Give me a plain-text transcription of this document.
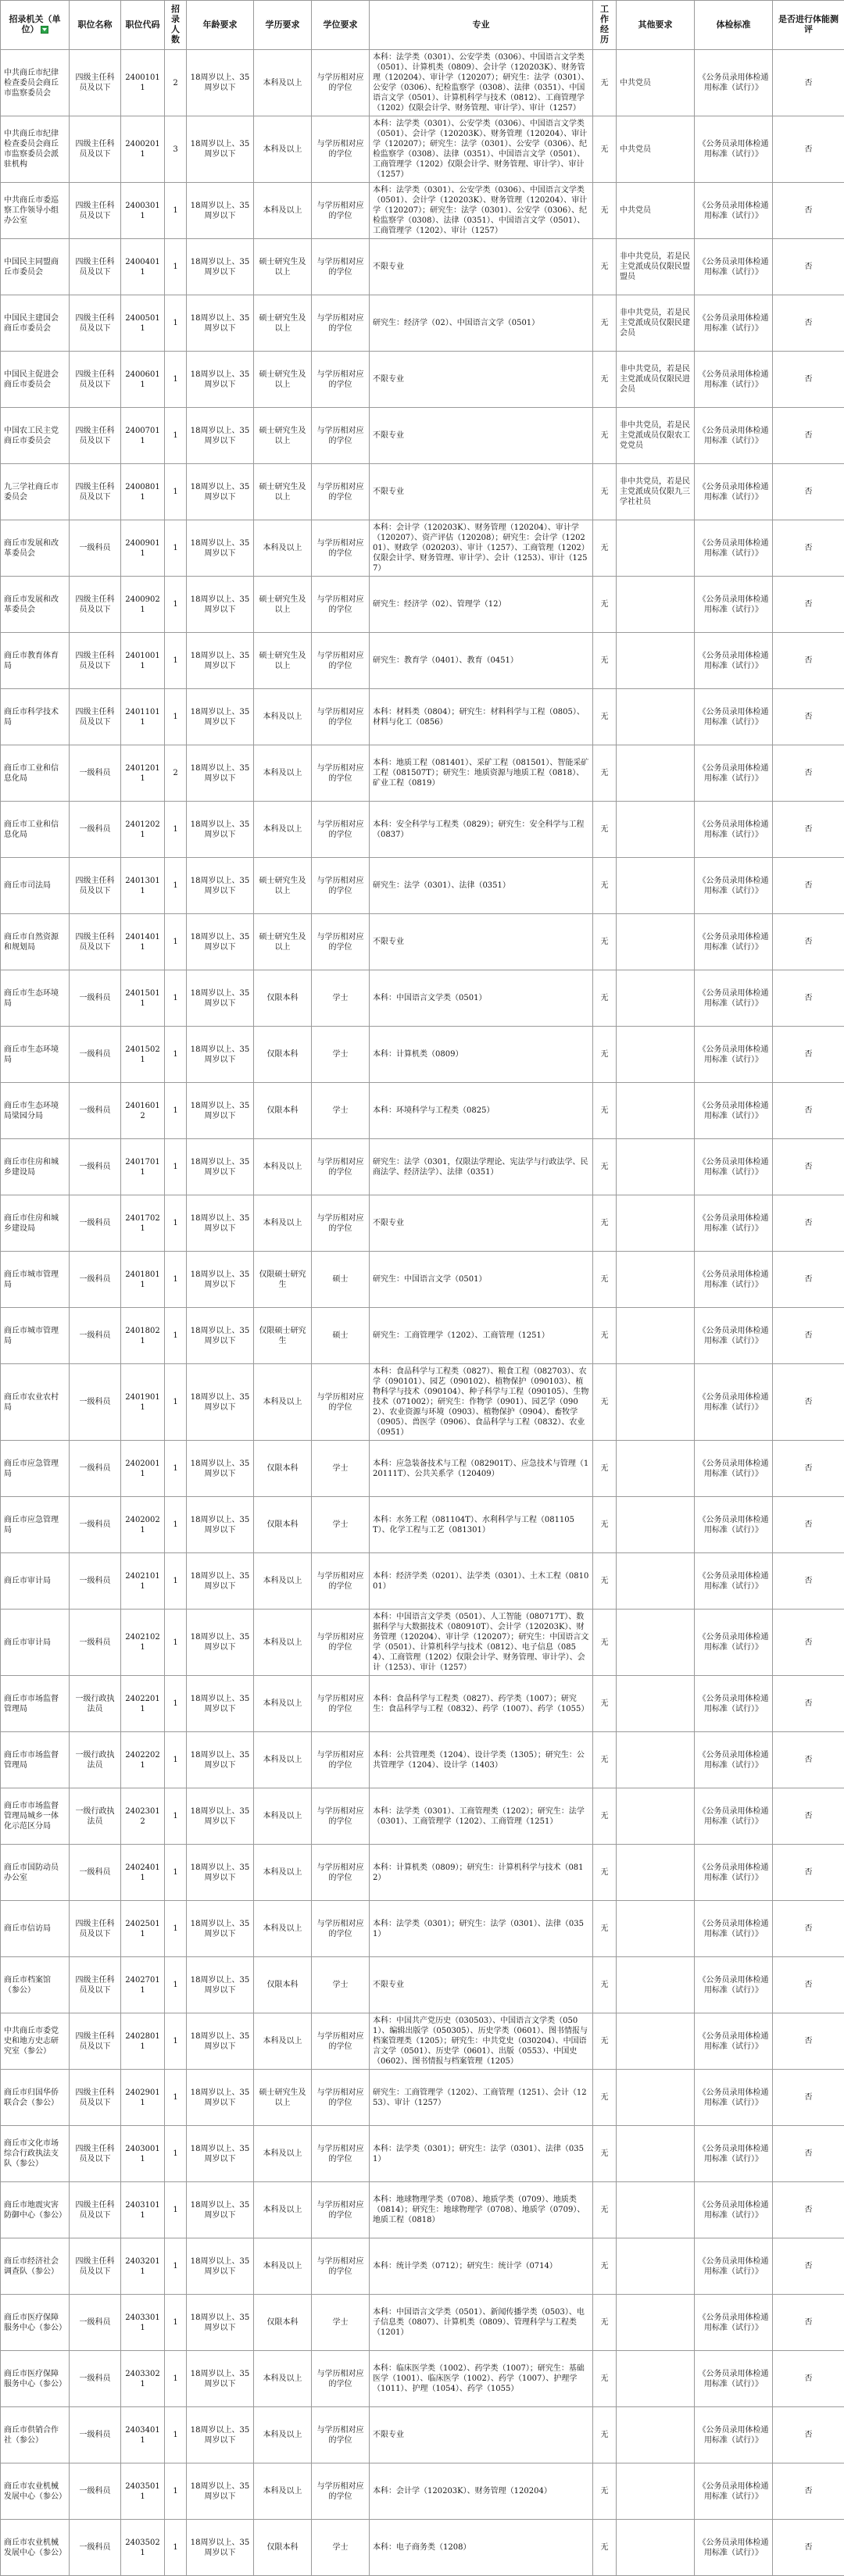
招录机关（单位）	职位名称	职位代码	招录人数	年龄要求	学历要求	学位要求	专业	工作经历	其他要求	体检标准	是否进行体能测评
中共商丘市纪律检查委员会商丘市监察委员会	四级主任科员及以下	24001011	2	18周岁以上、35周岁以下	本科及以上	与学历相对应的学位	本科：法学类（0301）、公安学类（0306）、中国语言文学类（0501）、计算机类（0809）、会计学（120203K）、财务管理（120204）、审计学（120207）；研究生：法学（0301）、公安学（0306）、纪检监察学（0308）、法律（0351）、中国语言文学（0501）、计算机科学与技术（0812）、工商管理学（1202）仅限会计学、财务管理、审计学）、审计（1257）	无	中共党员	《公务员录用体检通用标准（试行）》	否
中共商丘市纪律检查委员会商丘市监察委员会派驻机构	四级主任科员及以下	24002011	3	18周岁以上、35周岁以下	本科及以上	与学历相对应的学位	本科：法学类（0301）、公安学类（0306）、中国语言文学类（0501）、会计学（120203K）、财务管理（120204）、审计学（120207）；研究生：法学（0301）、公安学（0306）、纪检监察学（0308）、法律（0351）、中国语言文学（0501）、工商管理学（1202）仅限会计学、财务管理、审计学）、审计（1257）	无	中共党员	《公务员录用体检通用标准（试行）》	否
中共商丘市委巡察工作领导小组办公室	四级主任科员及以下	24003011	1	18周岁以上、35周岁以下	本科及以上	与学历相对应的学位	本科：法学类（0301）、公安学类（0306）、中国语言文学类（0501）、会计学（120203K）、财务管理（120204）、审计学（120207）；研究生：法学（0301）、公安学（0306）、纪检监察学（0308）、法律（0351）、中国语言文学（0501）、工商管理学（1202）、审计（1257）	无	中共党员	《公务员录用体检通用标准（试行）》	否
中国民主同盟商丘市委员会	四级主任科员及以下	24004011	1	18周岁以上、35周岁以下	硕士研究生及以上	与学历相对应的学位	不限专业	无	非中共党员，若是民主党派成员仅限民盟盟员	《公务员录用体检通用标准（试行）》	否
中国民主建国会商丘市委员会	四级主任科员及以下	24005011	1	18周岁以上、35周岁以下	硕士研究生及以上	与学历相对应的学位	研究生：经济学（02）、中国语言文学（0501）	无	非中共党员，若是民主党派成员仅限民建会员	《公务员录用体检通用标准（试行）》	否
中国民主促进会商丘市委员会	四级主任科员及以下	24006011	1	18周岁以上、35周岁以下	硕士研究生及以上	与学历相对应的学位	不限专业	无	非中共党员，若是民主党派成员仅限民进会员	《公务员录用体检通用标准（试行）》	否
中国农工民主党商丘市委员会	四级主任科员及以下	24007011	1	18周岁以上、35周岁以下	硕士研究生及以上	与学历相对应的学位	不限专业	无	非中共党员，若是民主党派成员仅限农工党党员	《公务员录用体检通用标准（试行）》	否
九三学社商丘市委员会	四级主任科员及以下	24008011	1	18周岁以上、35周岁以下	硕士研究生及以上	与学历相对应的学位	不限专业	无	非中共党员，若是民主党派成员仅限九三学社社员	《公务员录用体检通用标准（试行）》	否
商丘市发展和改革委员会	一级科员	24009011	1	18周岁以上、35周岁以下	本科及以上	与学历相对应的学位	本科：会计学（120203K）、财务管理（120204）、审计学（120207）、资产评估（120208）；研究生：会计学（120201）、财政学（020203）、审计（1257）、工商管理（1202）仅限会计学、财务管理、审计学）、会计（1253）、审计（1257）	无		《公务员录用体检通用标准（试行）》	否
商丘市发展和改革委员会	四级主任科员及以下	24009021	1	18周岁以上、35周岁以下	硕士研究生及以上	与学历相对应的学位	研究生：经济学（02）、管理学（12）	无		《公务员录用体检通用标准（试行）》	否
商丘市教育体育局	四级主任科员及以下	24010011	1	18周岁以上、35周岁以下	硕士研究生及以上	与学历相对应的学位	研究生：教育学（0401）、教育（0451）	无		《公务员录用体检通用标准（试行）》	否
商丘市科学技术局	四级主任科员及以下	24011011	1	18周岁以上、35周岁以下	本科及以上	与学历相对应的学位	本科：材料类（0804）；研究生：材料科学与工程（0805）、材料与化工（0856）	无		《公务员录用体检通用标准（试行）》	否
商丘市工业和信息化局	一级科员	24012011	2	18周岁以上、35周岁以下	本科及以上	与学历相对应的学位	本科：地质工程（081401）、采矿工程（081501）、智能采矿工程（081507T）；研究生：地质资源与地质工程（0818）、矿业工程（0819）	无		《公务员录用体检通用标准（试行）》	否
商丘市工业和信息化局	一级科员	24012021	1	18周岁以上、35周岁以下	本科及以上	与学历相对应的学位	本科：安全科学与工程类（0829）；研究生：安全科学与工程（0837）	无		《公务员录用体检通用标准（试行）》	否
商丘市司法局	四级主任科员及以下	24013011	1	18周岁以上、35周岁以下	硕士研究生及以上	与学历相对应的学位	研究生：法学（0301）、法律（0351）	无		《公务员录用体检通用标准（试行）》	否
商丘市自然资源和规划局	四级主任科员及以下	24014011	1	18周岁以上、35周岁以下	硕士研究生及以上	与学历相对应的学位	不限专业	无		《公务员录用体检通用标准（试行）》	否
商丘市生态环境局	一级科员	24015011	1	18周岁以上、35周岁以下	仅限本科	学士	本科：中国语言文学类（0501）	无		《公务员录用体检通用标准（试行）》	否
商丘市生态环境局	一级科员	24015021	1	18周岁以上、35周岁以下	仅限本科	学士	本科：计算机类（0809）	无		《公务员录用体检通用标准（试行）》	否
商丘市生态环境局梁园分局	一级科员	24016012	1	18周岁以上、35周岁以下	仅限本科	学士	本科：环境科学与工程类（0825）	无		《公务员录用体检通用标准（试行）》	否
商丘市住房和城乡建设局	一级科员	24017011	1	18周岁以上、35周岁以下	本科及以上	与学历相对应的学位	研究生：法学（0301，仅限法学理论、宪法学与行政法学、民商法学、经济法学）、法律（0351）	无		《公务员录用体检通用标准（试行）》	否
商丘市住房和城乡建设局	一级科员	24017021	1	18周岁以上、35周岁以下	本科及以上	与学历相对应的学位	不限专业	无		《公务员录用体检通用标准（试行）》	否
商丘市城市管理局	一级科员	24018011	1	18周岁以上、35周岁以下	仅限硕士研究生	硕士	研究生：中国语言文学（0501）	无		《公务员录用体检通用标准（试行）》	否
商丘市城市管理局	一级科员	24018021	1	18周岁以上、35周岁以下	仅限硕士研究生	硕士	研究生：工商管理学（1202）、工商管理（1251）	无		《公务员录用体检通用标准（试行）》	否
商丘市农业农村局	一级科员	24019011	1	18周岁以上、35周岁以下	本科及以上	与学历相对应的学位	本科：食品科学与工程类（0827）、粮食工程（082703）、农学（090101）、园艺（090102）、植物保护（090103）、植物科学与技术（090104）、种子科学与工程（090105）、生物技术（071002）；研究生：作物学（0901）、园艺学（0902）、农业资源与环境（0903）、植物保护（0904）、畜牧学（0905）、兽医学（0906）、食品科学与工程（0832）、农业（0951）	无		《公务员录用体检通用标准（试行）》	否
商丘市应急管理局	一级科员	24020011	1	18周岁以上、35周岁以下	仅限本科	学士	本科：应急装备技术与工程（082901T）、应急技术与管理（120111T）、公共关系学（120409）	无		《公务员录用体检通用标准（试行）》	否
商丘市应急管理局	一级科员	24020021	1	18周岁以上、35周岁以下	仅限本科	学士	本科：水务工程（081104T）、水利科学与工程（081105T）、化学工程与工艺（081301）	无		《公务员录用体检通用标准（试行）》	否
商丘市审计局	一级科员	24021011	1	18周岁以上、35周岁以下	本科及以上	与学历相对应的学位	本科：经济学类（0201）、法学类（0301）、土木工程（081001）	无		《公务员录用体检通用标准（试行）》	否
商丘市审计局	一级科员	24021021	1	18周岁以上、35周岁以下	本科及以上	与学历相对应的学位	本科：中国语言文学类（0501）、人工智能（080717T）、数据科学与大数据技术（080910T）、会计学（120203K）、财务管理（120204）、审计学（120207）；研究生：中国语言文学（0501）、计算机科学与技术（0812）、电子信息（0854）、工商管理（1202）仅限会计学、财务管理、审计学）、会计（1253）、审计（1257）	无		《公务员录用体检通用标准（试行）》	否
商丘市市场监督管理局	一级行政执法员	24022011	1	18周岁以上、35周岁以下	本科及以上	与学历相对应的学位	本科：食品科学与工程类（0827）、药学类（1007）；研究生：食品科学与工程（0832）、药学（1007）、药学（1055）	无		《公务员录用体检通用标准（试行）》	否
商丘市市场监督管理局	一级行政执法员	24022021	1	18周岁以上、35周岁以下	本科及以上	与学历相对应的学位	本科：公共管理类（1204）、设计学类（1305）；研究生：公共管理学（1204）、设计学（1403）	无		《公务员录用体检通用标准（试行）》	否
商丘市市场监督管理局城乡一体化示范区分局	一级行政执法员	24023012	1	18周岁以上、35周岁以下	本科及以上	与学历相对应的学位	本科：法学类（0301）、工商管理类（1202）；研究生：法学（0301）、工商管理学（1202）、工商管理（1251）	无		《公务员录用体检通用标准（试行）》	否
商丘市国防动员办公室	一级科员	24024011	1	18周岁以上、35周岁以下	本科及以上	与学历相对应的学位	本科：计算机类（0809）；研究生：计算机科学与技术（0812）	无		《公务员录用体检通用标准（试行）》	否
商丘市信访局	四级主任科员及以下	24025011	1	18周岁以上、35周岁以下	本科及以上	与学历相对应的学位	本科：法学类（0301）；研究生：法学（0301）、法律（0351）	无		《公务员录用体检通用标准（试行）》	否
商丘市档案馆（参公）	四级主任科员及以下	24027011	1	18周岁以上、35周岁以下	仅限本科	学士	不限专业	无		《公务员录用体检通用标准（试行）》	否
中共商丘市委党史和地方史志研究室（参公）	四级主任科员及以下	24028011	1	18周岁以上、35周岁以下	本科及以上	与学历相对应的学位	本科：中国共产党历史（030503）、中国语言文学类（0501）、编辑出版学（050305）、历史学类（0601）、图书情报与档案管理类（1205）；研究生：中共党史（030204）、中国语言文学（0501）、历史学（0601）、出版（0553）、中国史（0602）、图书情报与档案管理（1205）	无		《公务员录用体检通用标准（试行）》	否
商丘市归国华侨联合会（参公）	四级主任科员及以下	24029011	1	18周岁以上、35周岁以下	硕士研究生及以上	与学历相对应的学位	研究生：工商管理学（1202）、工商管理（1251）、会计（1253）、审计（1257）	无		《公务员录用体检通用标准（试行）》	否
商丘市文化市场综合行政执法支队（参公）	四级主任科员及以下	24030011	1	18周岁以上、35周岁以下	本科及以上	与学历相对应的学位	本科：法学类（0301）；研究生：法学（0301）、法律（0351）	无		《公务员录用体检通用标准（试行）》	否
商丘市地震灾害防御中心（参公）	四级主任科员及以下	24031011	1	18周岁以上、35周岁以下	本科及以上	与学历相对应的学位	本科：地球物理学类（0708）、地质学类（0709）、地质类（0814）；研究生：地球物理学（0708）、地质学（0709）、地质工程（0818）	无		《公务员录用体检通用标准（试行）》	否
商丘市经济社会调查队（参公）	四级主任科员及以下	24032011	1	18周岁以上、35周岁以下	本科及以上	与学历相对应的学位	本科：统计学类（0712）；研究生：统计学（0714）	无		《公务员录用体检通用标准（试行）》	否
商丘市医疗保障服务中心（参公）	一级科员	24033011	1	18周岁以上、35周岁以下	仅限本科	学士	本科：中国语言文学类（0501）、新闻传播学类（0503）、电子信息类（0807）、计算机类（0809）、管理科学与工程类（1201）	无		《公务员录用体检通用标准（试行）》	否
商丘市医疗保障服务中心（参公）	一级科员	24033021	1	18周岁以上、35周岁以下	本科及以上	与学历相对应的学位	本科：临床医学类（1002）、药学类（1007）；研究生：基础医学（1001）、临床医学（1002）、药学（1007）、护理学（1011）、护理（1054）、药学（1055）	无		《公务员录用体检通用标准（试行）》	否
商丘市供销合作社（参公）	一级科员	24034011	1	18周岁以上、35周岁以下	本科及以上	与学历相对应的学位	不限专业	无		《公务员录用体检通用标准（试行）》	否
商丘市农业机械发展中心（参公）	一级科员	24035011	1	18周岁以上、35周岁以下	本科及以上	与学历相对应的学位	本科：会计学（120203K）、财务管理（120204）	无		《公务员录用体检通用标准（试行）》	否
商丘市农业机械发展中心（参公）	一级科员	24035021	1	18周岁以上、35周岁以下	仅限本科	学士	本科：电子商务类（1208）	无		《公务员录用体检通用标准（试行）》	否
